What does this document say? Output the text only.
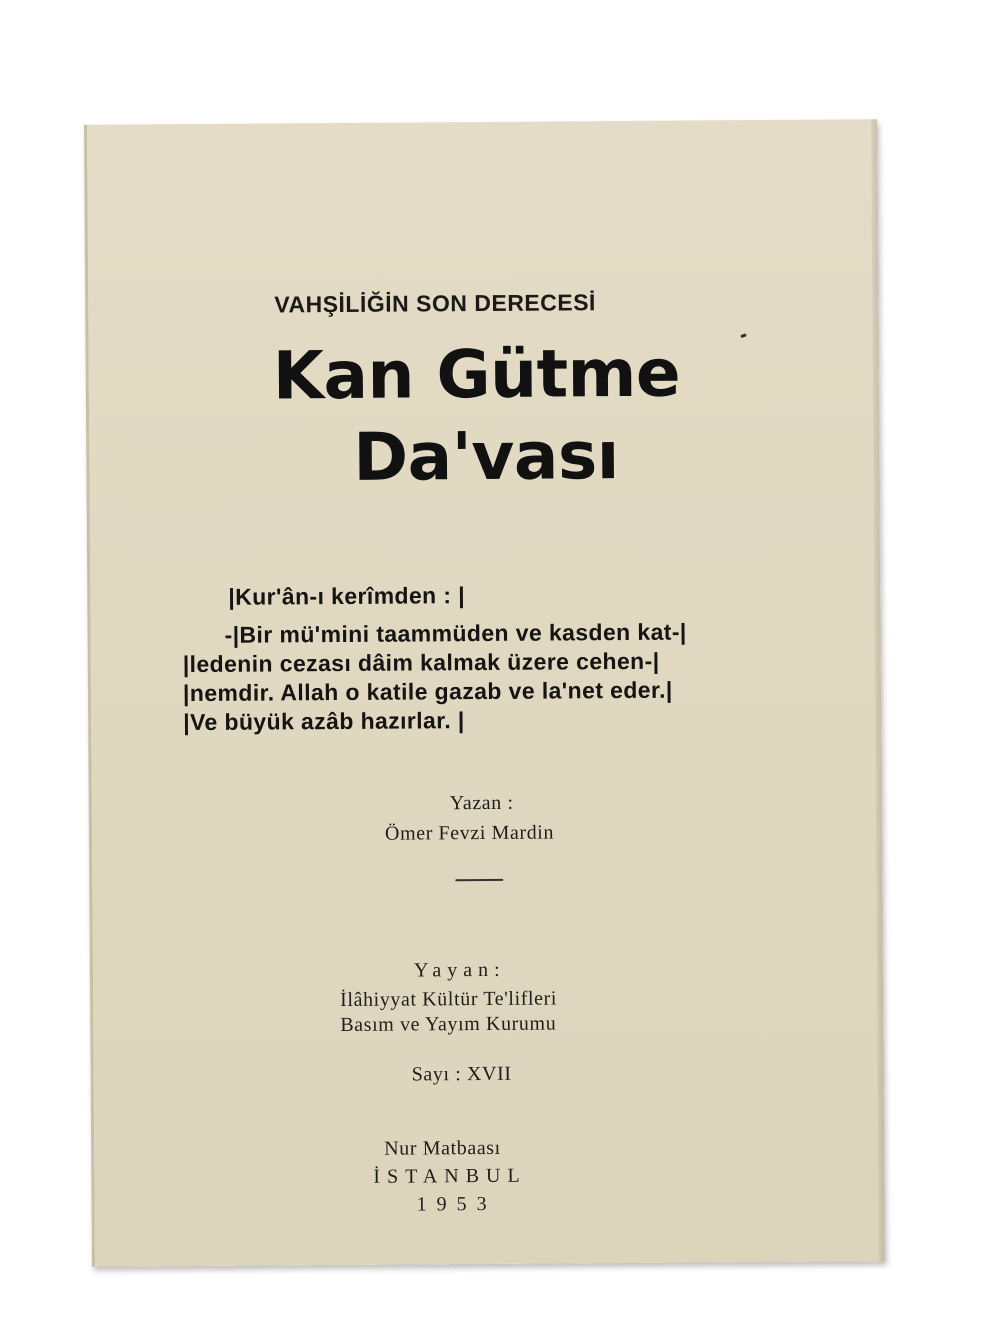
VAHŞİLİĞİN SON DERECESİ
Kan Gütme
Da'vası
|Kur'ân-ı kerîmden : |
-|Bir mü'mini taammüden ve kasden kat-|
|ledenin cezası dâim kalmak üzere cehen-|
|nemdir. Allah o katile gazab ve la'net eder.|
|Ve büyük azâb hazırlar. |
Yazan :
Ömer Fevzi Mardin
Yayan:
İlâhiyyat Kültür Te'lifleri
Basım ve Yayım Kurumu
Sayı : XVII
Nur Matbaası
İSTANBUL
1953
